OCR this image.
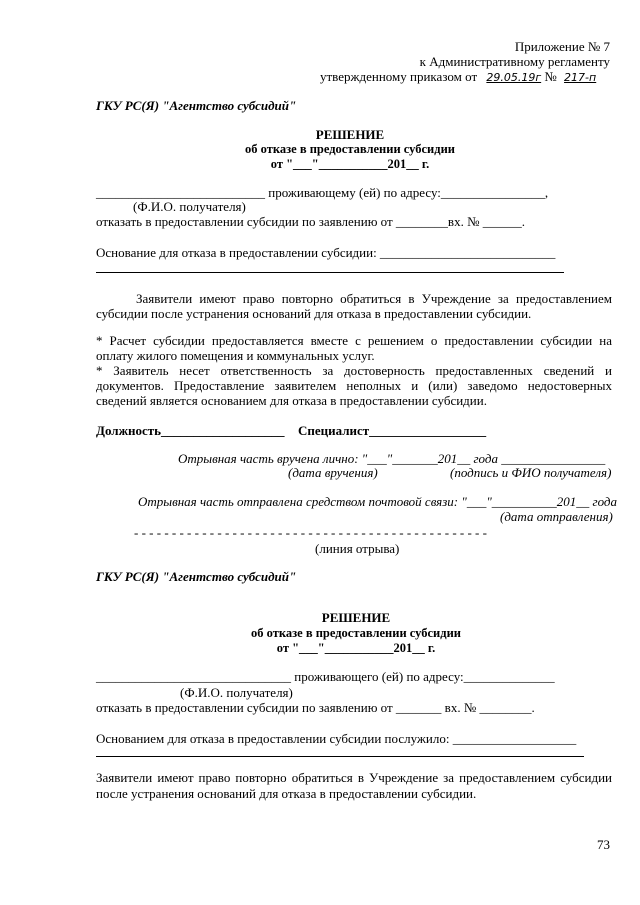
Приложение № 7
к Административному регламенту
утвержденному приказом от 29.05.19г № 217-п
ГКУ РС(Я) "Агентство субсидий"
РЕШЕНИЕ
об отказе в предоставлении субсидии
от "___"___________201__ г.
__________________________ проживающему (ей) по адресу:________________,
(Ф.И.О. получателя)
отказать в предоставлении субсидии по заявлению от ________вх. № ______.
Основание для отказа в предоставлении субсидии: ___________________________
Заявители имеют право повторно обратиться в Учреждение за предоставлением
субсидии после устранения оснований для отказа в предоставлении субсидии.
* Расчет субсидии предоставляется вместе с решением о предоставлении субсидии на
оплату жилого помещения и коммунальных услуг.
* Заявитель несет ответственность за достоверность предоставленных сведений и
документов. Предоставление заявителем неполных и (или) заведомо недостоверных
сведений является основанием для отказа в предоставлении субсидии.
Должность___________________ Специалист__________________
Отрывная часть вручена лично: "___"_______201__ года ________________
(дата вручения)	(подпись и ФИО получателя)
Отрывная часть отправлена средством почтовой связи: "___"__________201__ года
(дата отправления)
- - - - - - - - - - - - - - - - - - - - - - - - - - - - - - - - - - - - - - - - - - - - - - -
(линия отрыва)
ГКУ РС(Я) "Агентство субсидий"
РЕШЕНИЕ
об отказе в предоставлении субсидии
от "___"___________201__ г.
______________________________ проживающего (ей) по адресу:______________
(Ф.И.О. получателя)
отказать в предоставлении субсидии по заявлению от _______ вх. № ________.
Основанием для отказа в предоставлении субсидии послужило: ___________________
Заявители имеют право повторно обратиться в Учреждение за предоставлением субсидии
после устранения оснований для отказа в предоставлении субсидии.
73
